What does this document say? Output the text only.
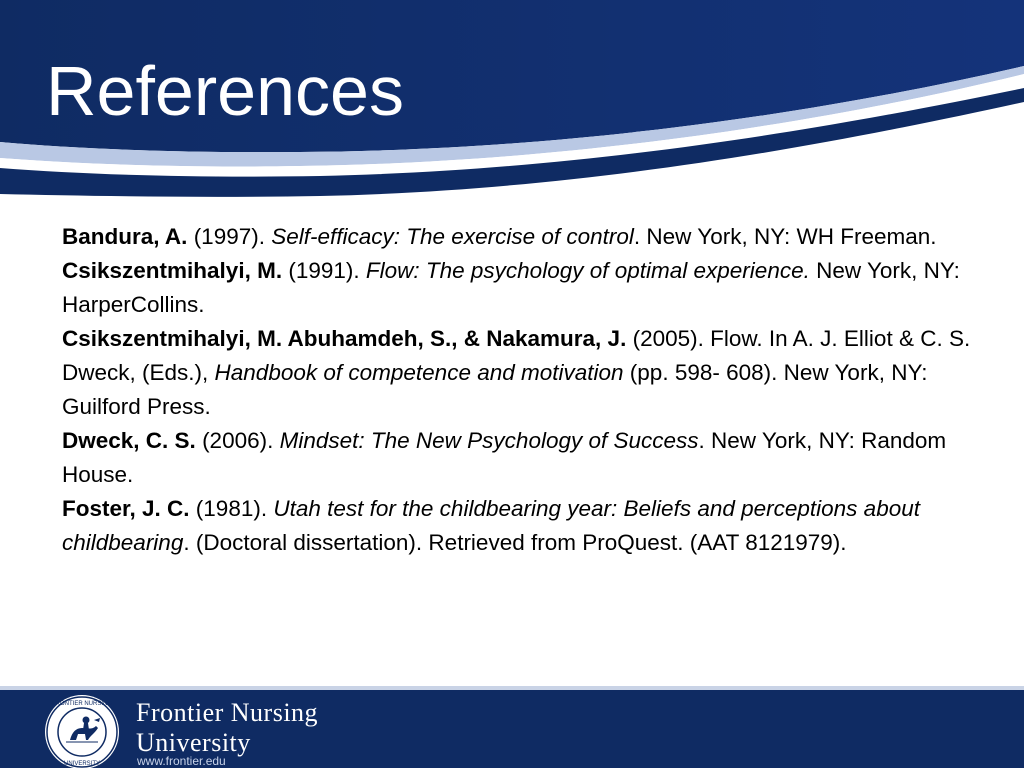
References

Bandura, A. (1997). Self-efficacy: The exercise of control. New York, NY: WH Freeman.

Csikszentmihalyi, M. (1991). Flow: The psychology of optimal experience. New York, NY: HarperCollins.

Csikszentmihalyi, M. Abuhamdeh, S., & Nakamura, J. (2005). Flow. In A. J. Elliot & C. S. Dweck, (Eds.), Handbook of competence and motivation (pp. 598- 608). New York, NY: Guilford Press.

Dweck, C. S. (2006). Mindset: The New Psychology of Success. New York, NY: Random House.

Foster, J. C. (1981). Utah test for the childbearing year: Beliefs and perceptions about childbearing. (Doctoral dissertation). Retrieved from ProQuest. (AAT 8121979).

FRONTIER NURSING
UNIVERSITY
Frontier Nursing
University
www.frontier.edu
